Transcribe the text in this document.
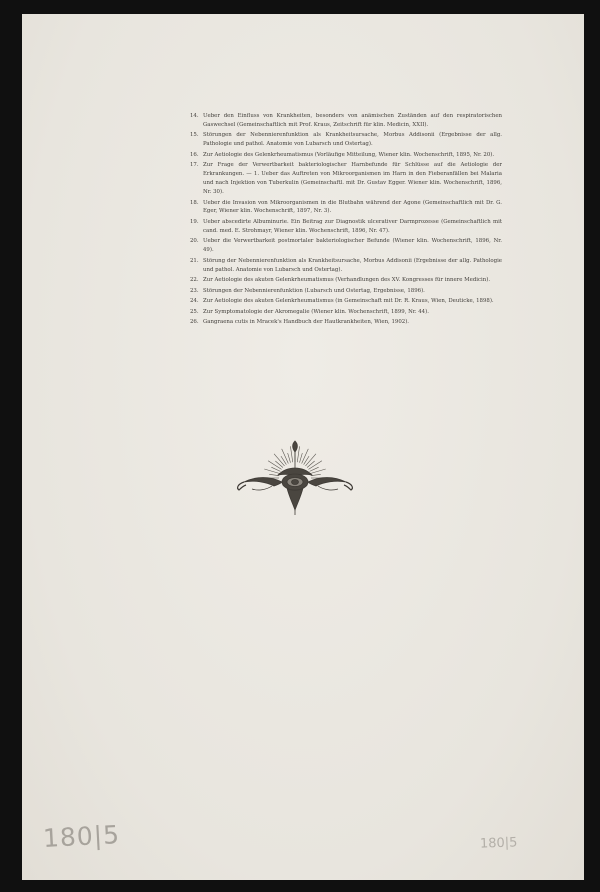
14. Ueber den Einfluss von Krankheiten, besonders von anämischen Zuständen auf den respiratorischen Gaswechsel (Gemeinschaftlich mit Prof. Kraus, Zeitschrift für klin. Medicin, XXII).
15. Störungen der Nebennierenfunktion als Krankheitsursache, Morbus Addisonii (Ergebnisse der allg. Pathologie und pathol. Anatomie von Lubarsch und Ostertag).
16. Zur Aetiologie des Gelenkrheumatismus (Vorläufige Mitteilung, Wiener klin. Wochenschrift, 1895, Nr. 20).
17. Zur Frage der Verwertbarkeit bakteriologischer Harnbefunde für Schlüsse auf die Aetiologie der Erkrankungen. — 1. Ueber das Auftreten von Mikroorganismen im Harn in den Fieberanfällen bei Malaria und nach Injektion von Tuberkulin (Gemeinschaftl. mit Dr. Gustav Egger. Wiener klin. Wochenschrift, 1896, Nr. 30).
18. Ueber die Invasion von Mikroorganismen in die Blutbahn während der Agone (Gemeinschaftlich mit Dr. G. Eger, Wiener klin. Wochenschrift, 1897, Nr. 3).
19. Ueber abscedirte Albuminurie. Ein Beitrag zur Diagnostik ulcerativer Darmprozesse (Gemeinschaftlich mit cand. med. E. Strohmayr, Wiener klin. Wochenschrift, 1896, Nr. 47).
20. Ueber die Verwertbarkeit postmortaler bakteriologischer Befunde (Wiener klin. Wochenschrift, 1896, Nr. 49).
21. Störung der Nebennierenfunktion als Krankheitsursache, Morbus Addisonii (Ergebnisse der allg. Pathologie und pathol. Anatomie von Lubarsch und Ostertag).
22. Zur Aetiologie des akuten Gelenkrheumatismus (Verhandlungen des XV. Kongresses für innere Medicin).
23. Störungen der Nebennierenfunktion (Lubarsch und Ostertag, Ergebnisse, 1896).
24. Zur Aetiologie des akuten Gelenkrheumatismus (in Gemeinschaft mit Dr. R. Kraus, Wien, Deuticke, 1898).
25. Zur Symptomatologie der Akromegalie (Wiener klin. Wochenschrift, 1899, Nr. 44).
26. Gangraena cutis in Mracek's Handbuch der Hautkrankheiten, Wien, 1902).
180|5	180|5
